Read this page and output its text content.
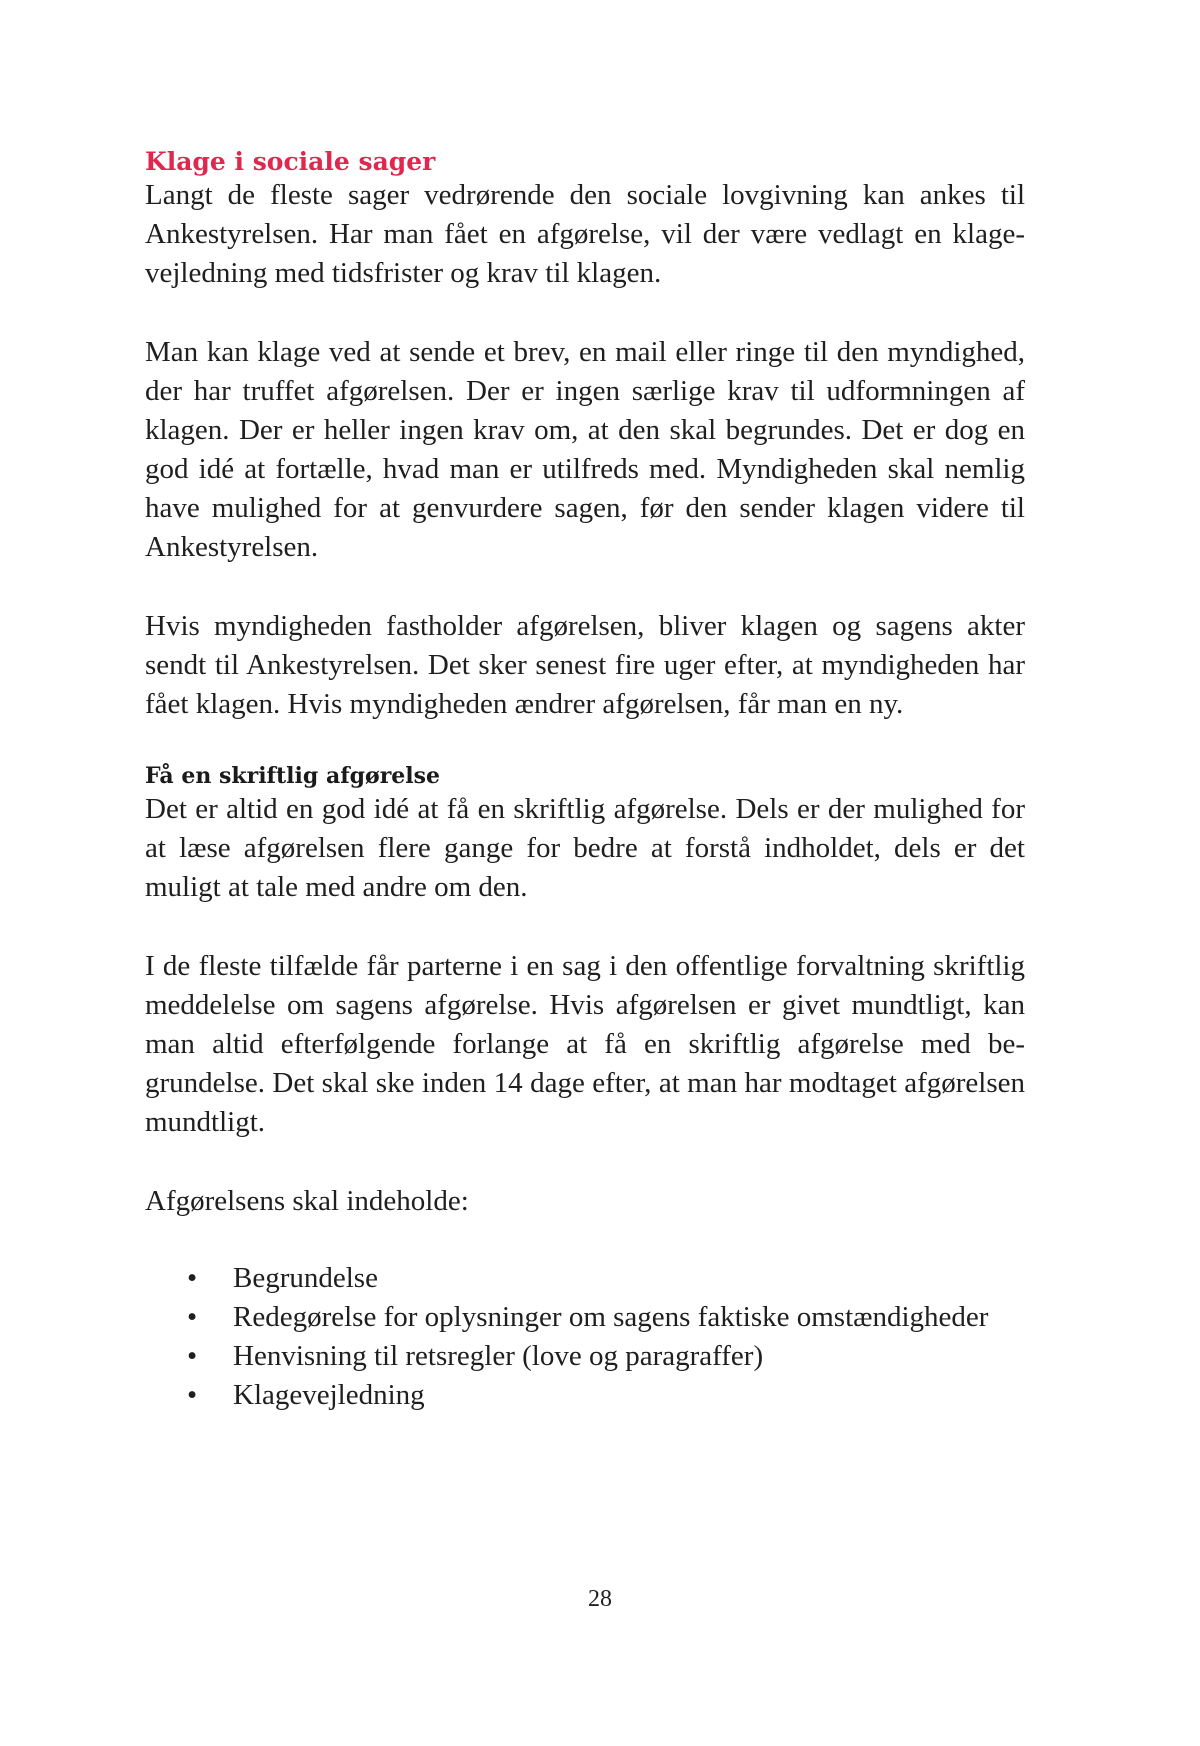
Klage i sociale sager

Langt de fleste sager vedrørende den sociale lovgivning kan ankes til Ankestyrelsen. Har man fået en afgørelse, vil der være vedlagt en klagevejledning med tidsfrister og krav til klagen.

Man kan klage ved at sende et brev, en mail eller ringe til den myndighed, der har truffet afgørelsen. Der er ingen særlige krav til udformningen af klagen. Der er heller ingen krav om, at den skal begrundes. Det er dog en god idé at fortælle, hvad man er utilfreds med. Myndigheden skal nemlig have mulighed for at genvurdere sagen, før den sender klagen videre til Ankestyrelsen.

Hvis myndigheden fastholder afgørelsen, bliver klagen og sagens akter sendt til Ankestyrelsen. Det sker senest fire uger efter, at myndigheden har fået klagen. Hvis myndigheden ændrer afgørelsen, får man en ny.

Få en skriftlig afgørelse

Det er altid en god idé at få en skriftlig afgørelse. Dels er der mulighed for at læse afgørelsen flere gange for bedre at forstå indholdet, dels er det muligt at tale med andre om den.

I de fleste tilfælde får parterne i en sag i den offentlige forvaltning skriftlig meddelelse om sagens afgørelse. Hvis afgørelsen er givet mundtligt, kan man altid efterfølgende forlange at få en skriftlig afgørelse med begrundelse. Det skal ske inden 14 dage efter, at man har modtaget afgørelsen mundtligt.

Afgørelsens skal indeholde:

• Begrundelse
• Redegørelse for oplysninger om sagens faktiske omstændigheder
• Henvisning til retsregler (love og paragraffer)
• Klagevejledning
28
